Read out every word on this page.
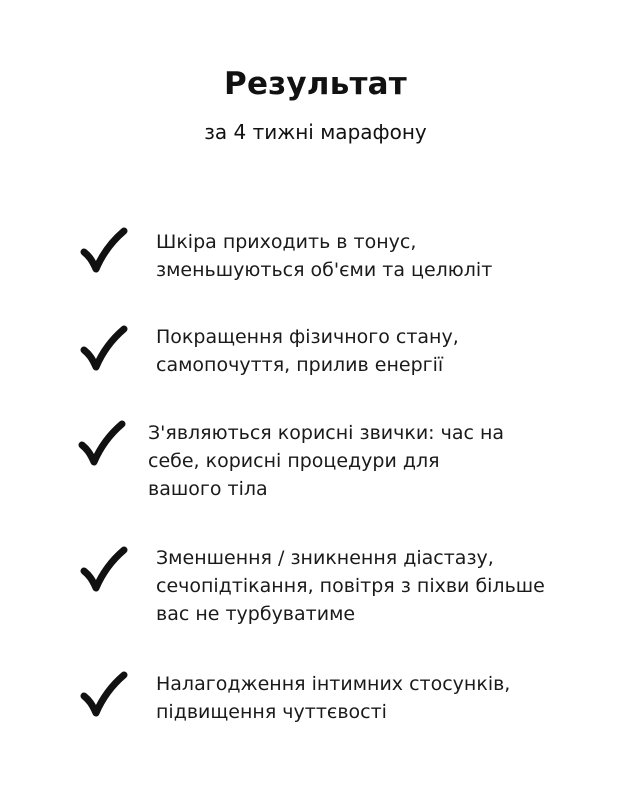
Результат
за 4 тижні марафону
Шкіра приходить в тонус,
зменьшуються об'єми та целюліт
Покращення фізичного стану,
самопочуття, прилив енергії
З'являються корисні звички: час на
себе, корисні процедури для
вашого тіла
Зменшення / зникнення діастазу,
сечопідтікання, повітря з піхви більше
вас не турбуватиме
Налагодження інтимних стосунків,
підвищення чуттєвості
